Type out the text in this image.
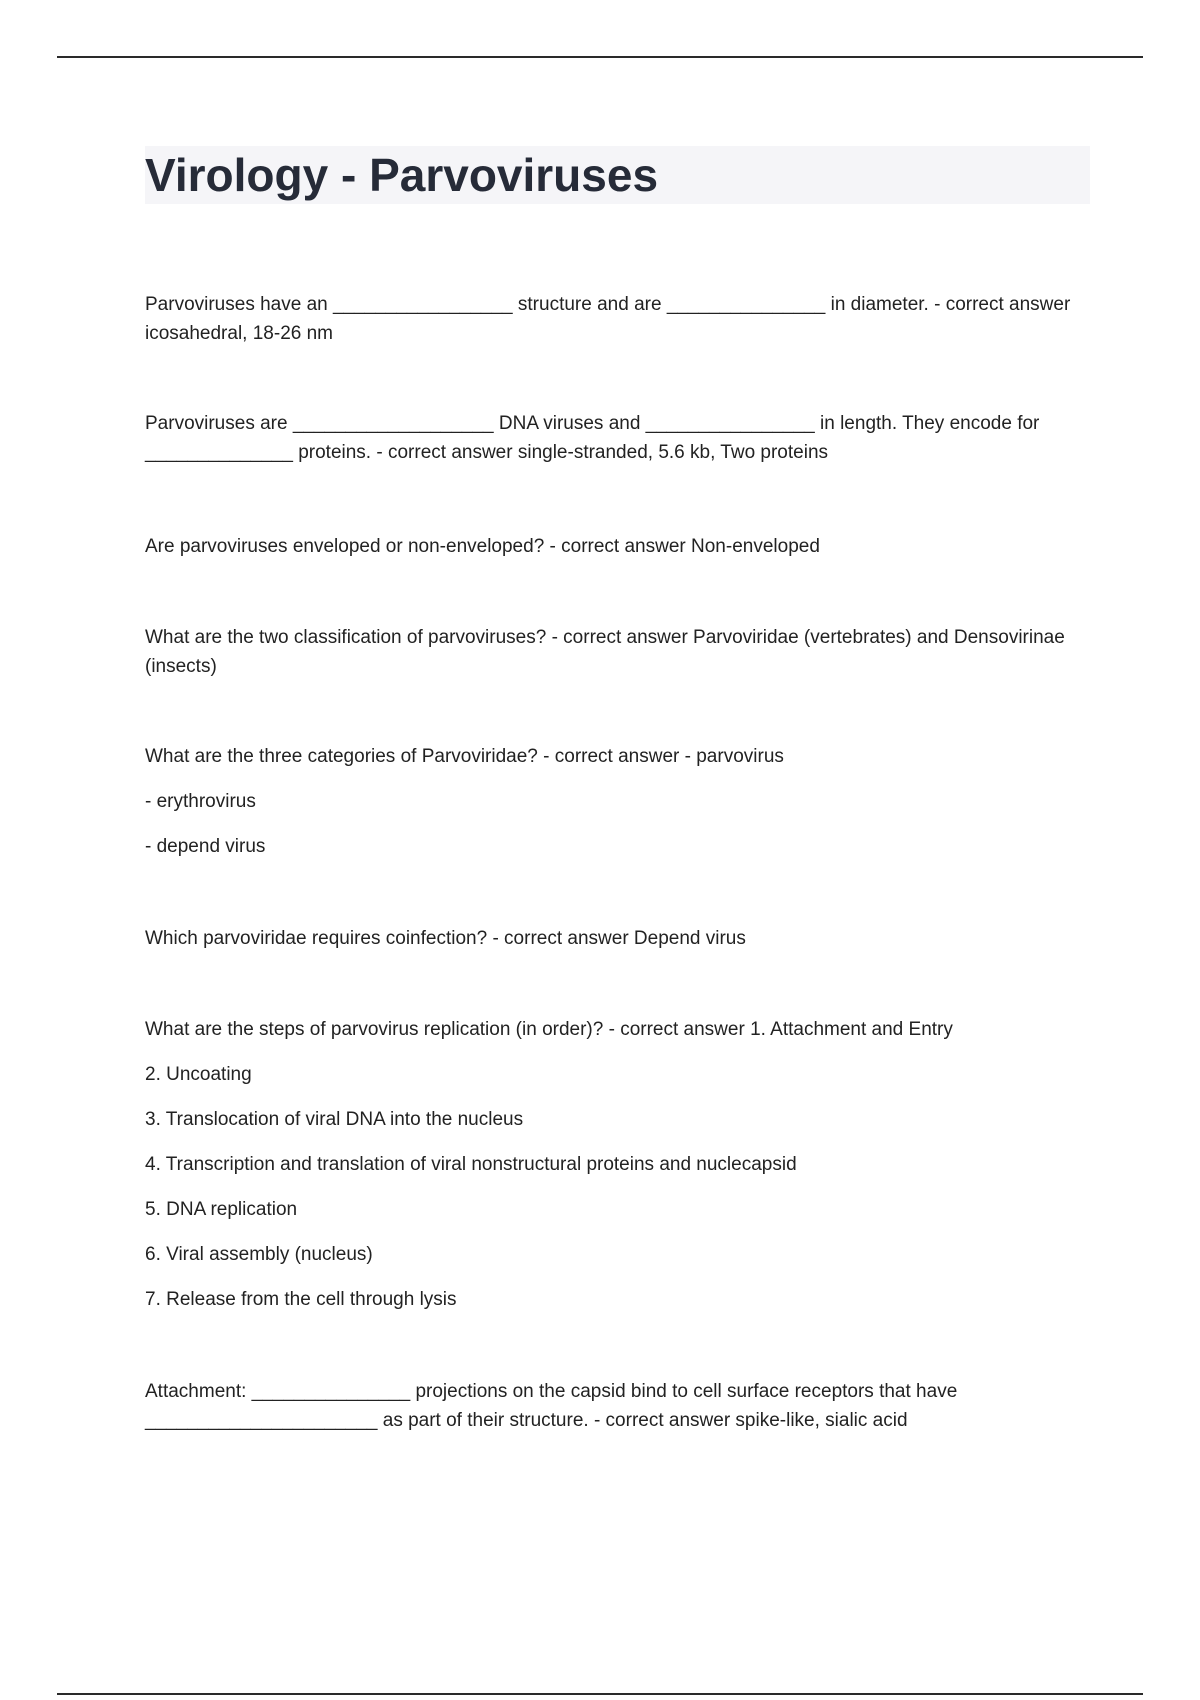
Virology - Parvoviruses

Parvoviruses have an _________________ structure and are _______________ in diameter. - correct answer icosahedral, 18-26 nm

Parvoviruses are ___________________ DNA viruses and ________________ in length. They encode for ______________ proteins. - correct answer single-stranded, 5.6 kb, Two proteins

Are parvoviruses enveloped or non-enveloped? - correct answer Non-enveloped

What are the two classification of parvoviruses? - correct answer Parvoviridae (vertebrates) and Densovirinae (insects)

What are the three categories of Parvoviridae? - correct answer - parvovirus

- erythrovirus

- depend virus

Which parvoviridae requires coinfection? - correct answer Depend virus

What are the steps of parvovirus replication (in order)? - correct answer 1. Attachment and Entry

2. Uncoating

3. Translocation of viral DNA into the nucleus

4. Transcription and translation of viral nonstructural proteins and nuclecapsid

5. DNA replication

6. Viral assembly (nucleus)

7. Release from the cell through lysis

Attachment: _______________ projections on the capsid bind to cell surface receptors that have ______________________ as part of their structure. - correct answer spike-like, sialic acid
